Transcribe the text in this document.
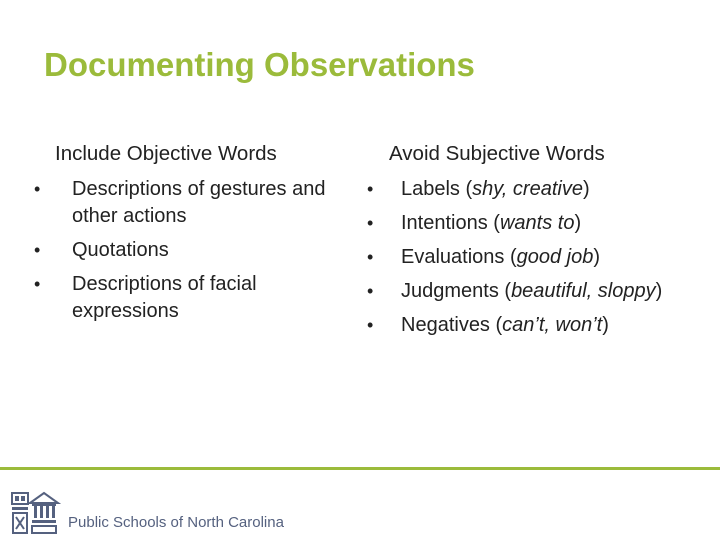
Documenting Observations
Include Objective Words
• Descriptions of gestures and other actions
• Quotations
• Descriptions of facial expressions
Avoid Subjective Words
• Labels (shy, creative)
• Intentions (wants to)
• Evaluations (good job)
• Judgments (beautiful, sloppy)
• Negatives (can’t, won’t)
Public Schools of North Carolina
